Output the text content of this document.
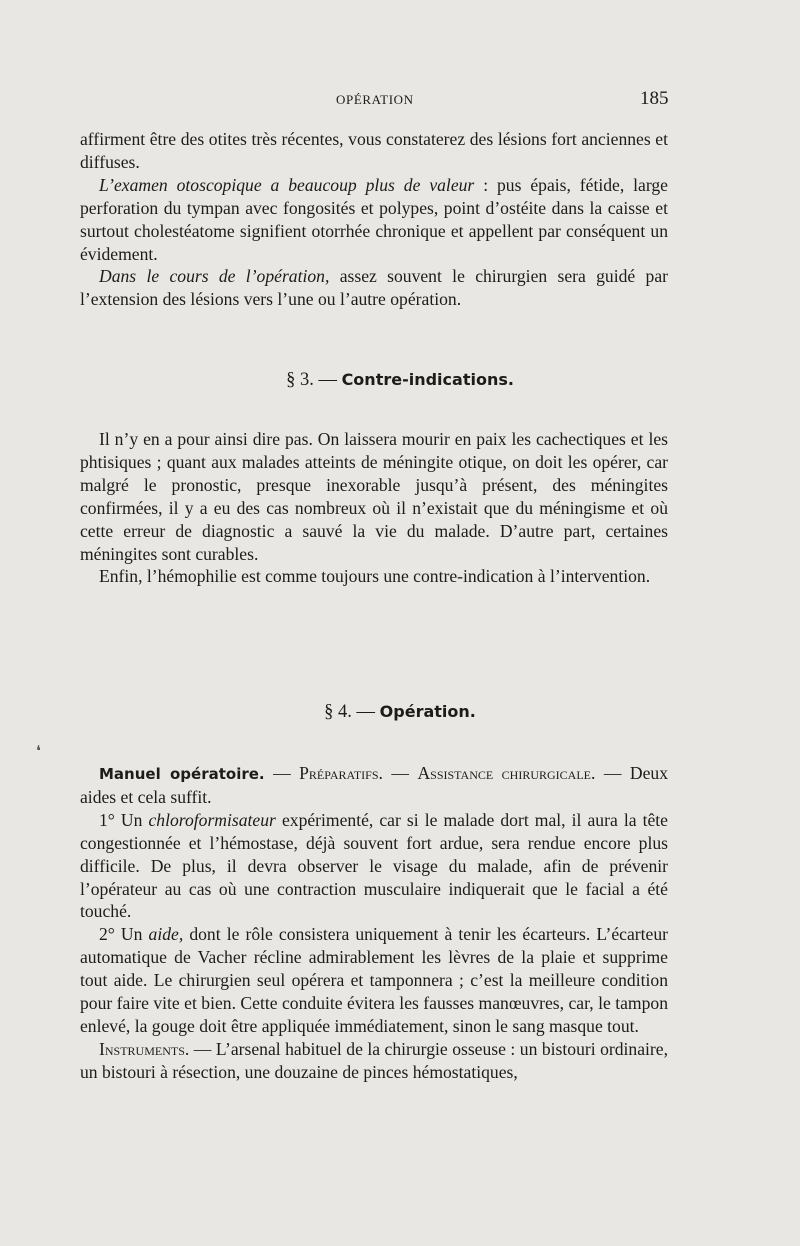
OPÉRATION	185

affirment être des otites très récentes, vous constaterez des lésions fort anciennes et diffuses.

L’examen otoscopique a beaucoup plus de valeur : pus épais, fétide, large perforation du tympan avec fongosités et polypes, point d’ostéite dans la caisse et surtout cholestéatome signifient otorrhée chronique et appellent par conséquent un évidement.

Dans le cours de l’opération, assez souvent le chirurgien sera guidé par l’extension des lésions vers l’une ou l’autre opération.

§ 3. — Contre-indications.

Il n’y en a pour ainsi dire pas. On laissera mourir en paix les cachectiques et les phtisiques ; quant aux malades atteints de méningite otique, on doit les opérer, car malgré le pronostic, presque inexorable jusqu’à présent, des méningites confirmées, il y a eu des cas nombreux où il n’existait que du méningisme et où cette erreur de diagnostic a sauvé la vie du malade. D’autre part, certaines méningites sont curables.

Enfin, l’hémophilie est comme toujours une contre-indication à l’intervention.

§ 4. — Opération.
❛

Manuel opératoire. — Préparatifs. — Assistance chirurgicale. — Deux aides et cela suffit.

1° Un chloroformisateur expérimenté, car si le malade dort mal, il aura la tête congestionnée et l’hémostase, déjà souvent fort ardue, sera rendue encore plus difficile. De plus, il devra observer le visage du malade, afin de prévenir l’opérateur au cas où une contraction musculaire indiquerait que le facial a été touché.

2° Un aide, dont le rôle consistera uniquement à tenir les écarteurs. L’écarteur automatique de Vacher récline admirablement les lèvres de la plaie et supprime tout aide. Le chirurgien seul opérera et tamponnera ; c’est la meilleure condition pour faire vite et bien. Cette conduite évitera les fausses manœuvres, car, le tampon enlevé, la gouge doit être appliquée immédiatement, sinon le sang masque tout.

Instruments. — L’arsenal habituel de la chirurgie osseuse : un bistouri ordinaire, un bistouri à résection, une douzaine de pinces hémostatiques,
